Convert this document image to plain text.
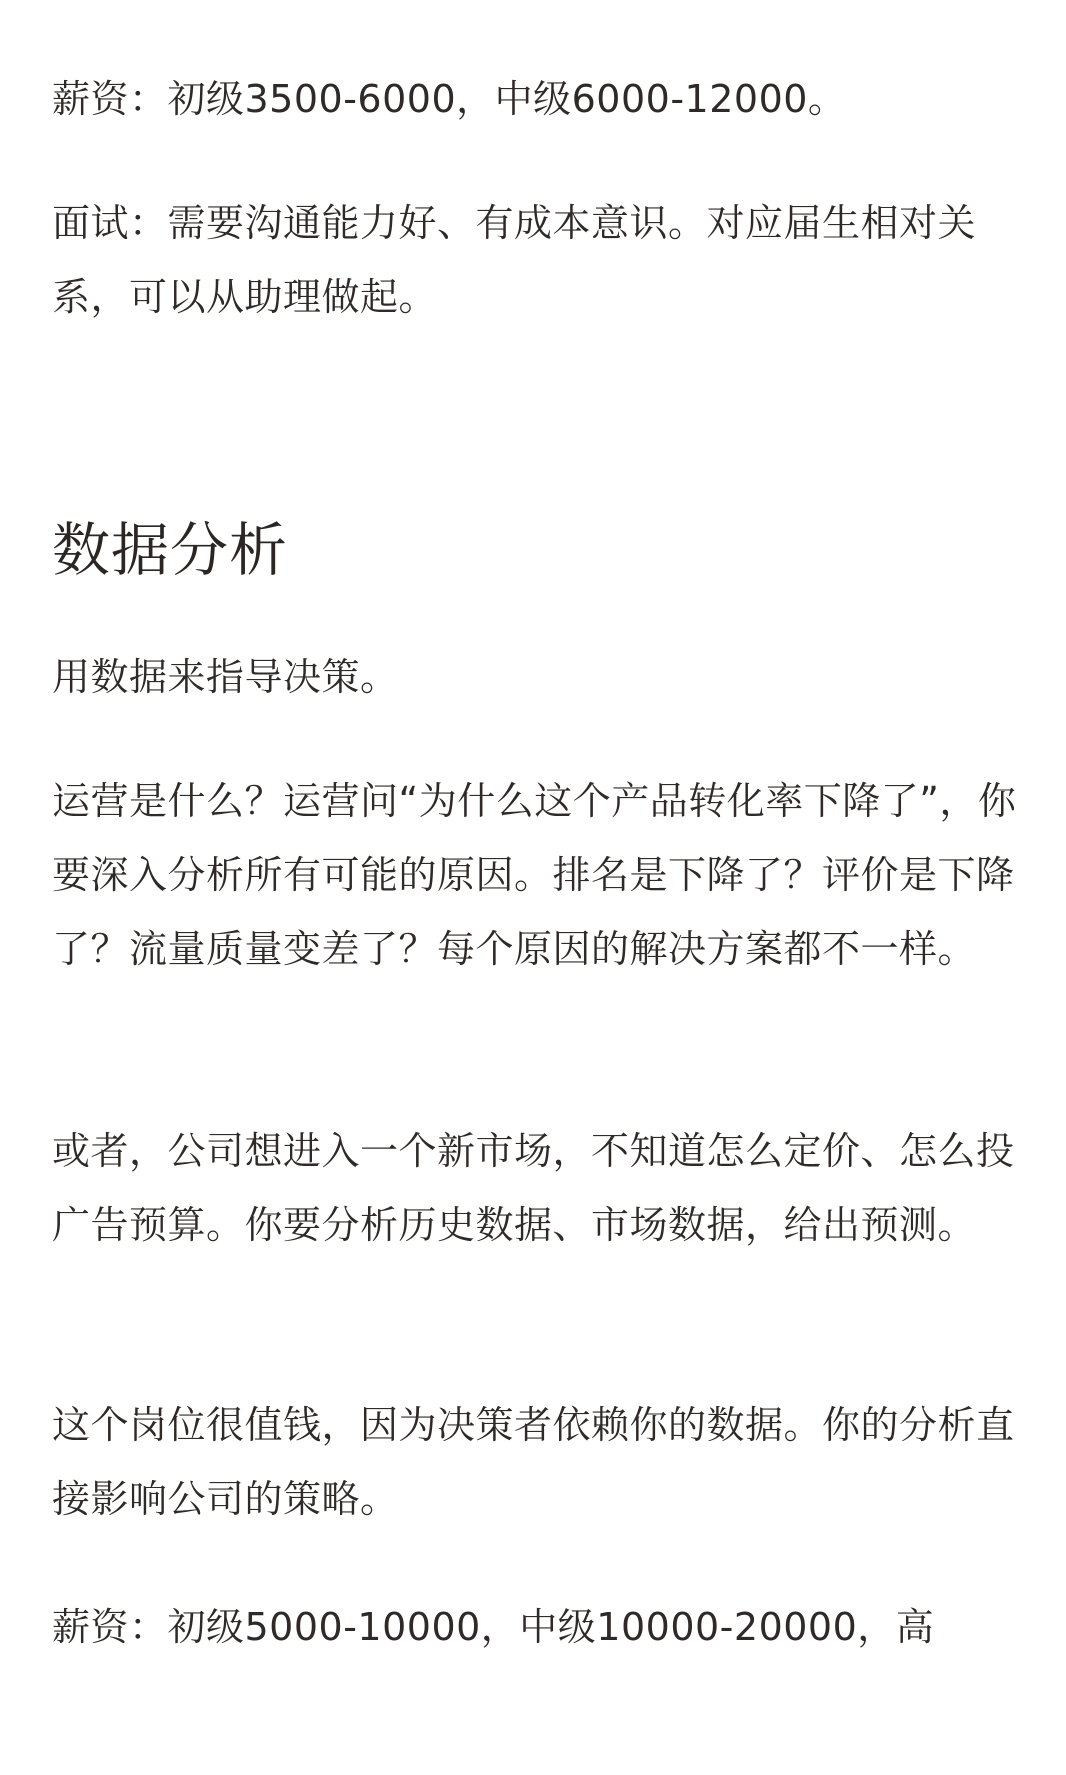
薪资：初级3500-6000，中级6000-12000。

面试：需要沟通能力好、有成本意识。对应届生相对关系，可以从助理做起。

数据分析

用数据来指导决策。

运营是什么？运营问“为什么这个产品转化率下降了”，你要深入分析所有可能的原因。排名是下降了？评价是下降了？流量质量变差了？每个原因的解决方案都不一样。

或者，公司想进入一个新市场，不知道怎么定价、怎么投广告预算。你要分析历史数据、市场数据，给出预测。

这个岗位很值钱，因为决策者依赖你的数据。你的分析直接影响公司的策略。

薪资：初级5000-10000，中级10000-20000，高
